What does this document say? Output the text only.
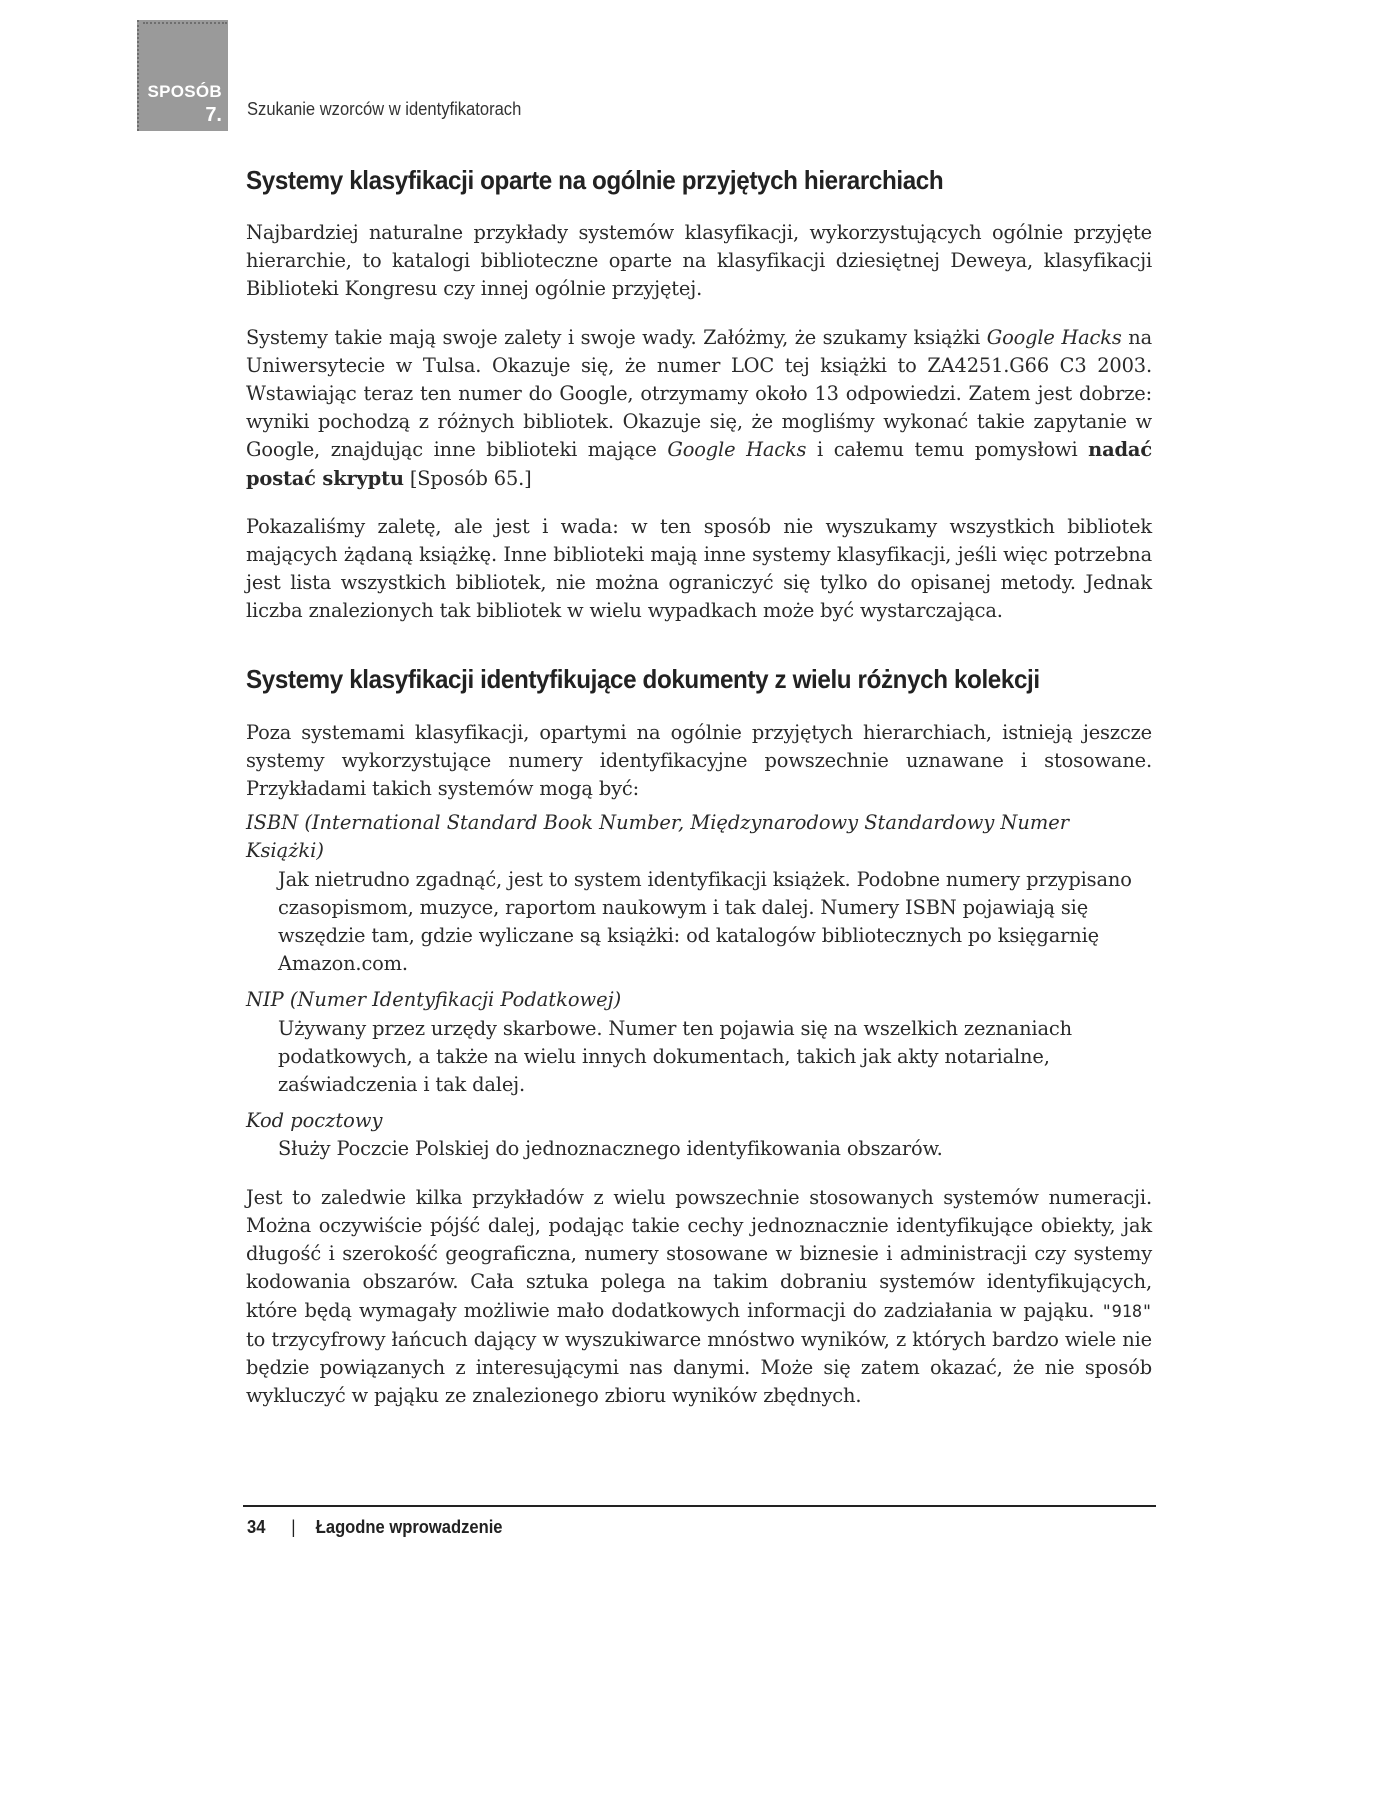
SPOSÓB
7. Szukanie wzorców w identyfikatorach
Systemy klasyfikacji oparte na ogólnie przyjętych hierarchiach

Najbardziej naturalne przykłady systemów klasyfikacji, wykorzystujących ogólnie przyjęte hierarchie, to katalogi biblioteczne oparte na klasyfikacji dziesiętnej Deweya, klasyfikacji Biblioteki Kongresu czy innej ogólnie przyjętej.

Systemy takie mają swoje zalety i swoje wady. Załóżmy, że szukamy książki Google Hacks na Uniwersytecie w Tulsa. Okazuje się, że numer LOC tej książki to ZA4251.G66 C3 2003. Wstawiając teraz ten numer do Google, otrzymamy około 13 odpowiedzi. Zatem jest dobrze: wyniki pochodzą z różnych bibliotek. Okazuje się, że mogliśmy wykonać takie zapytanie w Google, znajdując inne biblioteki mające Google Hacks i całemu temu pomysłowi nadać postać skryptu [Sposób 65.]

Pokazaliśmy zaletę, ale jest i wada: w ten sposób nie wyszukamy wszystkich bibliotek mających żądaną książkę. Inne biblioteki mają inne systemy klasyfikacji, jeśli więc potrzebna jest lista wszystkich bibliotek, nie można ograniczyć się tylko do opisanej metody. Jednak liczba znalezionych tak bibliotek w wielu wypadkach może być wystarczająca.

Systemy klasyfikacji identyfikujące dokumenty z wielu różnych kolekcji

Poza systemami klasyfikacji, opartymi na ogólnie przyjętych hierarchiach, istnieją jeszcze systemy wykorzystujące numery identyfikacyjne powszechnie uznawane i stosowane. Przykładami takich systemów mogą być:

ISBN (International Standard Book Number, Międzynarodowy Standardowy Numer Książki)

Jak nietrudno zgadnąć, jest to system identyfikacji książek. Podobne numery przypisano czasopismom, muzyce, raportom naukowym i tak dalej. Numery ISBN pojawiają się wszędzie tam, gdzie wyliczane są książki: od katalogów bibliotecznych po księgarnię Amazon.com.

NIP (Numer Identyfikacji Podatkowej)

Używany przez urzędy skarbowe. Numer ten pojawia się na wszelkich zeznaniach podatkowych, a także na wielu innych dokumentach, takich jak akty notarialne, zaświadczenia i tak dalej.

Kod pocztowy

Służy Poczcie Polskiej do jednoznacznego identyfikowania obszarów.

Jest to zaledwie kilka przykładów z wielu powszechnie stosowanych systemów numeracji. Można oczywiście pójść dalej, podając takie cechy jednoznacznie identyfikujące obiekty, jak długość i szerokość geograficzna, numery stosowane w biznesie i administracji czy systemy kodowania obszarów. Cała sztuka polega na takim dobraniu systemów identyfikujących, które będą wymagały możliwie mało dodatkowych informacji do zadziałania w pająku. "918" to trzycyfrowy łańcuch dający w wyszukiwarce mnóstwo wyników, z których bardzo wiele nie będzie powiązanych z interesującymi nas danymi. Może się zatem okazać, że nie sposób wykluczyć w pająku ze znalezionego zbioru wyników zbędnych.

34 | Łagodne wprowadzenie
